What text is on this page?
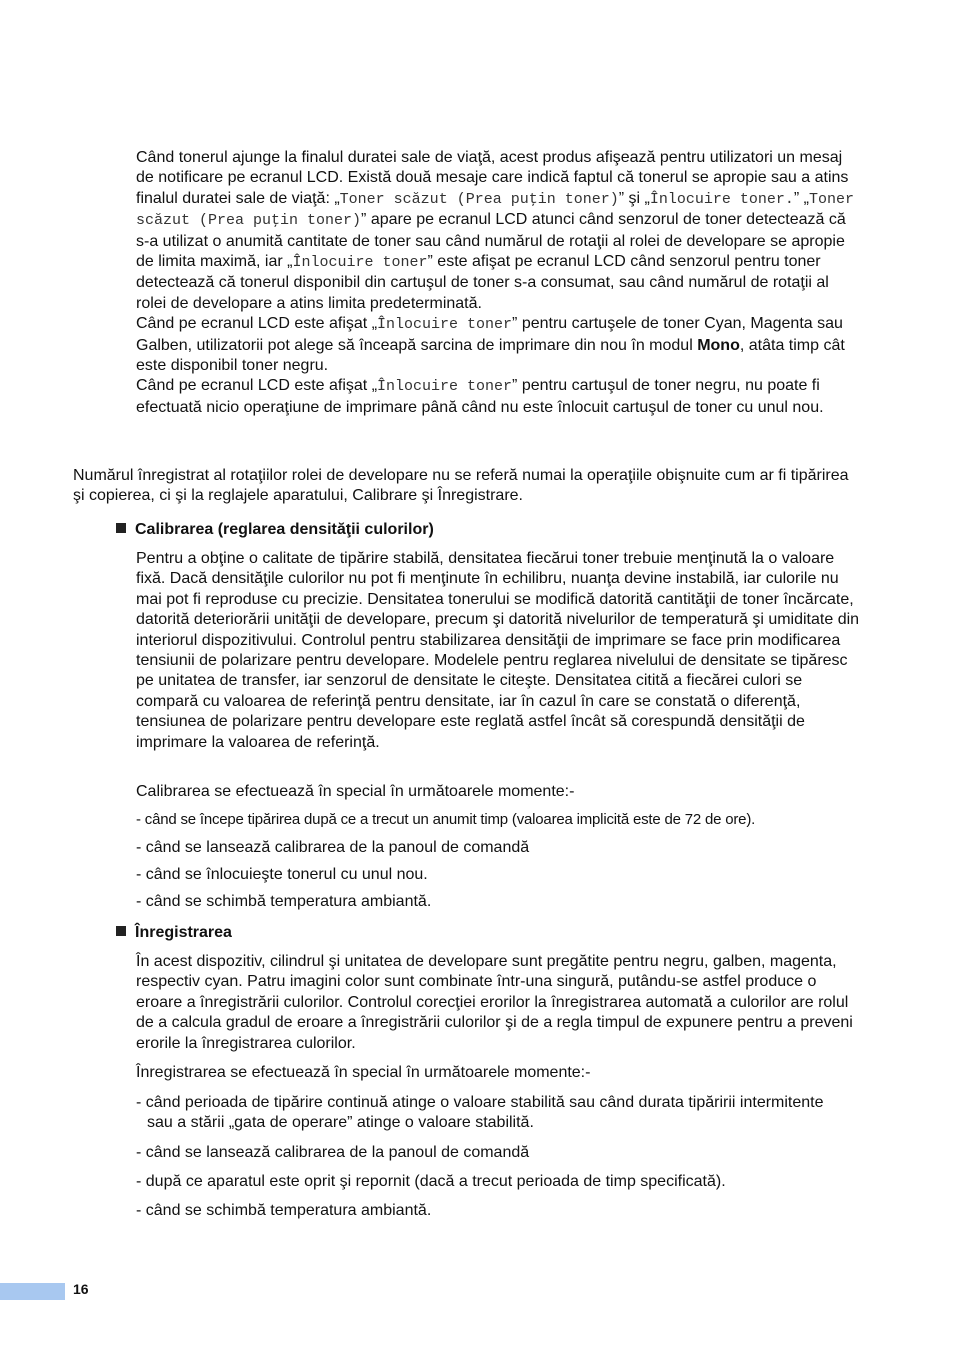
Când tonerul ajunge la finalul duratei sale de viaţă, acest produs afişează pentru utilizatori un mesaj de notificare pe ecranul LCD. Există două mesaje care indică faptul că tonerul se apropie sau a atins finalul duratei sale de viaţă: „Toner scăzut (Prea puţin toner)” şi „Înlocuire toner.” „Toner scăzut (Prea puţin toner)” apare pe ecranul LCD atunci când senzorul de toner detectează că s-a utilizat o anumită cantitate de toner sau când numărul de rotaţii al rolei de developare se apropie de limita maximă, iar „Înlocuire toner” este afişat pe ecranul LCD când senzorul pentru toner detectează că tonerul disponibil din cartuşul de toner s-a consumat, sau când numărul de rotaţii al rolei de developare a atins limita predeterminată.
Când pe ecranul LCD este afişat „Înlocuire toner” pentru cartuşele de toner Cyan, Magenta sau Galben, utilizatorii pot alege să înceapă sarcina de imprimare din nou în modul Mono, atâta timp cât este disponibil toner negru.
Când pe ecranul LCD este afişat „Înlocuire toner” pentru cartuşul de toner negru, nu poate fi efectuată nicio operaţiune de imprimare până când nu este înlocuit cartuşul de toner cu unul nou.

Numărul înregistrat al rotaţiilor rolei de developare nu se referă numai la operaţiile obişnuite cum ar fi tipărirea şi copierea, ci şi la reglajele aparatului, Calibrare şi Înregistrare.

Calibrarea (reglarea densităţii culorilor)

Pentru a obţine o calitate de tipărire stabilă, densitatea fiecărui toner trebuie menţinută la o valoare fixă. Dacă densităţile culorilor nu pot fi menţinute în echilibru, nuanţa devine instabilă, iar culorile nu mai pot fi reproduse cu precizie. Densitatea tonerului se modifică datorită cantităţii de toner încărcate, datorită deteriorării unităţii de developare, precum şi datorită nivelurilor de temperatură şi umiditate din interiorul dispozitivului. Controlul pentru stabilizarea densităţii de imprimare se face prin modificarea tensiunii de polarizare pentru developare. Modelele pentru reglarea nivelului de densitate se tipăresc pe unitatea de transfer, iar senzorul de densitate le citeşte. Densitatea citită a fiecărei culori se compară cu valoarea de referinţă pentru densitate, iar în cazul în care se constată o diferenţă, tensiunea de polarizare pentru developare este reglată astfel încât să corespundă densităţii de imprimare la valoarea de referinţă.

Calibrarea se efectuează în special în următoarele momente:-

- când se începe tipărirea după ce a trecut un anumit timp (valoarea implicită este de 72 de ore).
- când se lansează calibrarea de la panoul de comandă
- când se înlocuieşte tonerul cu unul nou.
- când se schimbă temperatura ambiantă.
Înregistrarea

În acest dispozitiv, cilindrul şi unitatea de developare sunt pregătite pentru negru, galben, magenta, respectiv cyan. Patru imagini color sunt combinate într-una singură, putându-se astfel produce o eroare a înregistrării culorilor. Controlul corecţiei erorilor la înregistrarea automată a culorilor are rolul de a calcula gradul de eroare a înregistrării culorilor şi de a regla timpul de expunere pentru a preveni erorile la înregistrarea culorilor.

Înregistrarea se efectuează în special în următoarele momente:-

- când perioada de tipărire continuă atinge o valoare stabilită sau când durata tipăririi intermitente sau a stării „gata de operare” atinge o valoare stabilită.
- când se lansează calibrarea de la panoul de comandă
- după ce aparatul este oprit şi repornit (dacă a trecut perioada de timp specificată).
- când se schimbă temperatura ambiantă.
16
